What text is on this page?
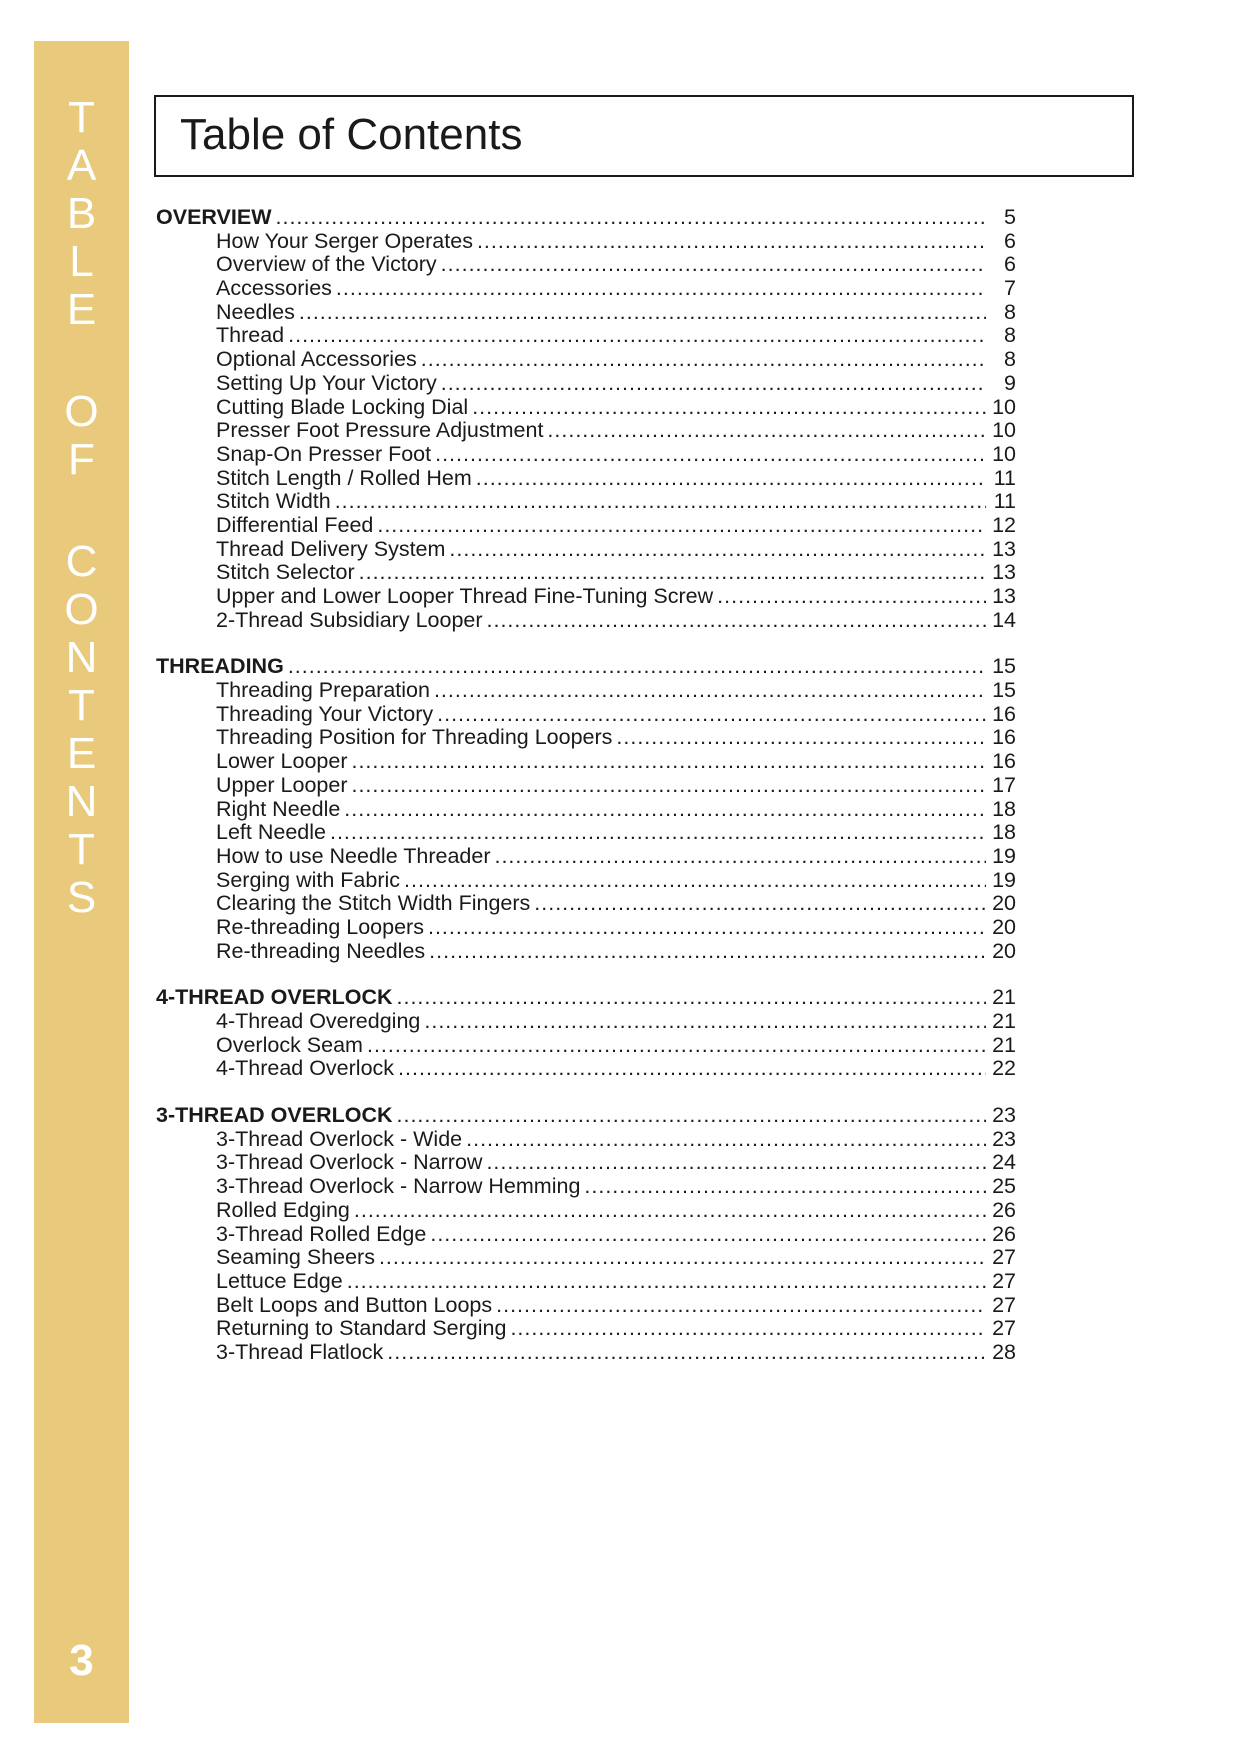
T
A
B
L
E
O
F
C
O
N
T
E
N
T
S
3
Table of Contents
OVERVIEW .....	5
How Your Serger Operates .....	6
Overview of the Victory .....	6
Accessories .....	7
Needles .....	8
Thread .....	8
Optional Accessories .....	8
Setting Up Your Victory .....	9
Cutting Blade Locking Dial .....	10
Presser Foot Pressure Adjustment .....	10
Snap-On Presser Foot .....	10
Stitch Length / Rolled Hem .....	11
Stitch Width .....	11
Differential Feed .....	12
Thread Delivery System .....	13
Stitch Selector .....	13
Upper and Lower Looper Thread Fine-Tuning Screw .....	13
2-Thread Subsidiary Looper .....	14
THREADING .....	15
Threading Preparation .....	15
Threading Your Victory .....	16
Threading Position for Threading Loopers .....	16
Lower Looper .....	16
Upper Looper .....	17
Right Needle .....	18
Left Needle .....	18
How to use Needle Threader .....	19
Serging with Fabric .....	19
Clearing the Stitch Width Fingers .....	20
Re-threading Loopers .....	20
Re-threading Needles .....	20
4-THREAD OVERLOCK .....	21
4-Thread Overedging .....	21
Overlock Seam .....	21
4-Thread Overlock .....	22
3-THREAD OVERLOCK .....	23
3-Thread Overlock - Wide .....	23
3-Thread Overlock - Narrow .....	24
3-Thread Overlock - Narrow Hemming .....	25
Rolled Edging .....	26
3-Thread Rolled Edge .....	26
Seaming Sheers .....	27
Lettuce Edge .....	27
Belt Loops and Button Loops .....	27
Returning to Standard Serging .....	27
3-Thread Flatlock .....	28
